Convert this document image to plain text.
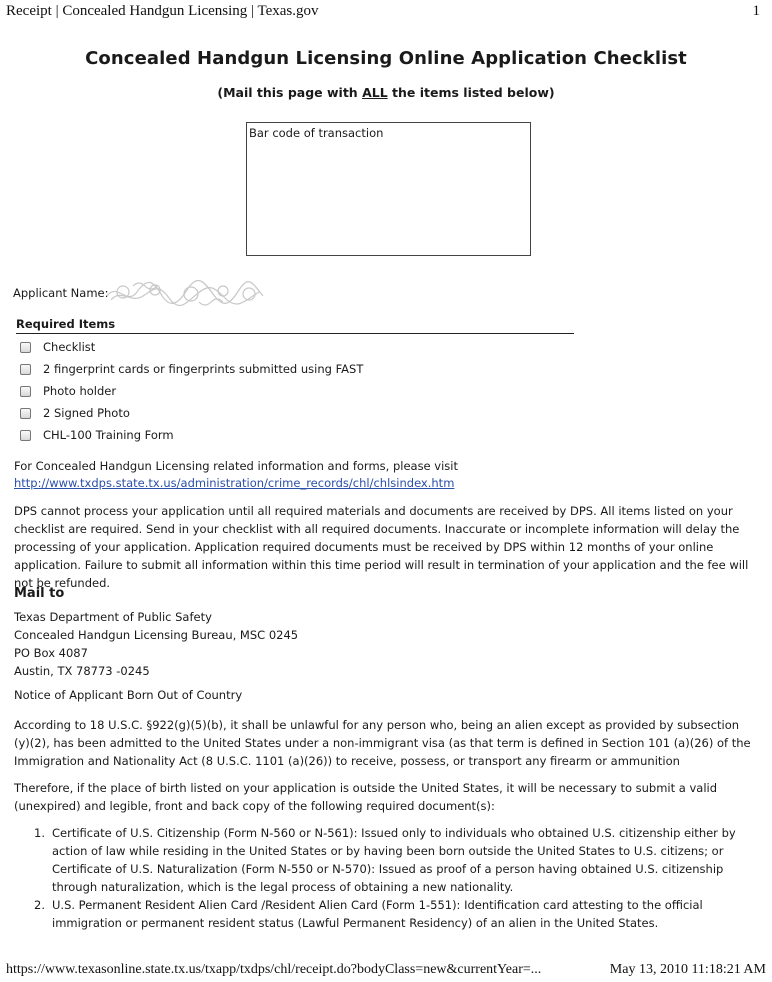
Receipt | Concealed Handgun Licensing | Texas.gov	1
Concealed Handgun Licensing Online Application Checklist
(Mail this page with ALL the items listed below)
Bar code of transaction
Applicant Name:
Required Items
Checklist
2 fingerprint cards or fingerprints submitted using FAST
Photo holder
2 Signed Photo
CHL-100 Training Form
For Concealed Handgun Licensing related information and forms, please visit
http://www.txdps.state.tx.us/administration/crime_records/chl/chlsindex.htm
DPS cannot process your application until all required materials and documents are received by DPS. All items listed on your checklist are required. Send in your checklist with all required documents. Inaccurate or incomplete information will delay the processing of your application. Application required documents must be received by DPS within 12 months of your online application. Failure to submit all information within this time period will result in termination of your application and the fee will not be refunded.
Mail to
Texas Department of Public Safety
Concealed Handgun Licensing Bureau, MSC 0245
PO Box 4087
Austin, TX 78773 -0245
Notice of Applicant Born Out of Country
According to 18 U.S.C. §922(g)(5)(b), it shall be unlawful for any person who, being an alien except as provided by subsection (y)(2), has been admitted to the United States under a non-immigrant visa (as that term is defined in Section 101 (a)(26) of the Immigration and Nationality Act (8 U.S.C. 1101 (a)(26)) to receive, possess, or transport any firearm or ammunition
Therefore, if the place of birth listed on your application is outside the United States, it will be necessary to submit a valid (unexpired) and legible, front and back copy of the following required document(s):
1. Certificate of U.S. Citizenship (Form N-560 or N-561): Issued only to individuals who obtained U.S. citizenship either by action of law while residing in the United States or by having been born outside the United States to U.S. citizens; or
Certificate of U.S. Naturalization (Form N-550 or N-570): Issued as proof of a person having obtained U.S. citizenship through naturalization, which is the legal process of obtaining a new nationality.
2. U.S. Permanent Resident Alien Card /Resident Alien Card (Form 1-551): Identification card attesting to the official immigration or permanent resident status (Lawful Permanent Residency) of an alien in the United States.
https://www.texasonline.state.tx.us/txapp/txdps/chl/receipt.do?bodyClass=new&currentYear=...	May 13, 2010 11:18:21 AM
